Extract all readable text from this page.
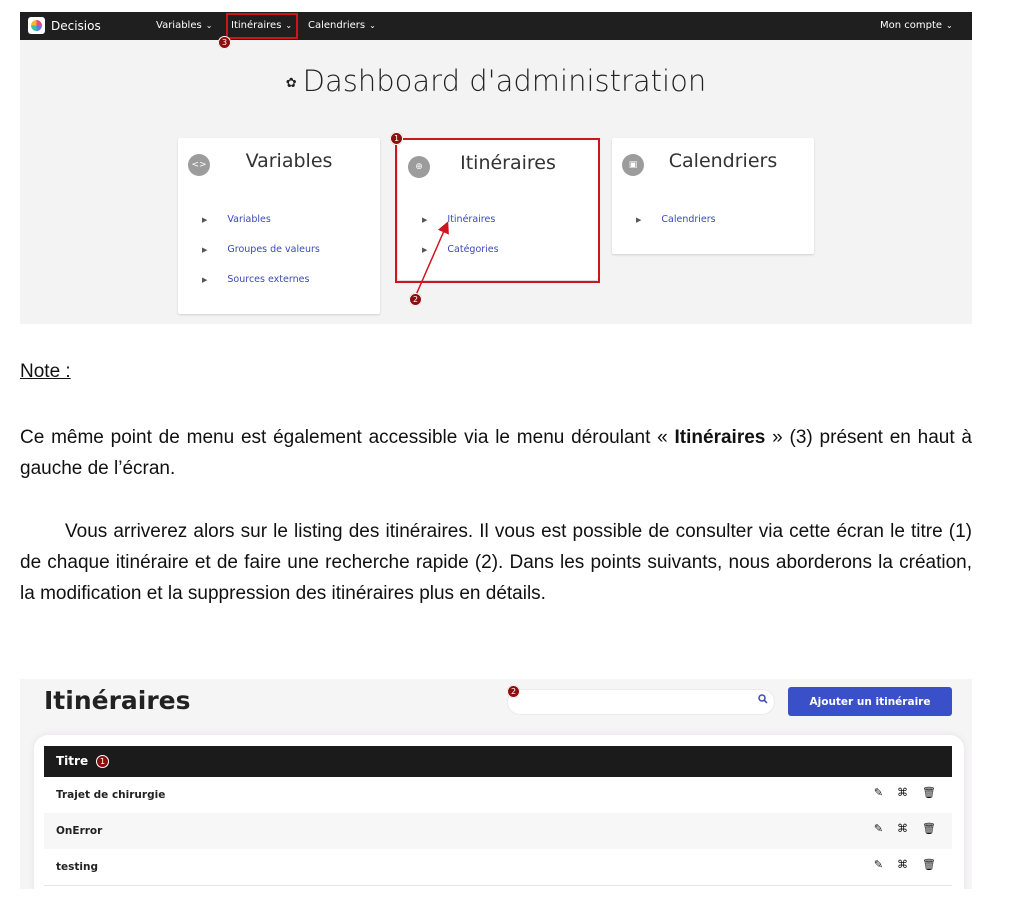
Decisios	Variables ⌄ Itinéraires ⌄ Calendriers ⌄	Mon compte ⌄
3
✿ Dashboard d'administration
<>	Variables
▶ Variables
▶ Groupes de valeurs
▶ Sources externes
⊕	Itinéraires
▶ Itinéraires
▶ Catégories
1
▣	Calendriers
▶ Calendriers
2
Note :
Ce même point de menu est également accessible via le menu déroulant « Itinéraires » (3) présent en haut à gauche de l’écran.
Vous arriverez alors sur le listing des itinéraires. Il vous est possible de consulter via cette écran le titre (1) de chaque itinéraire et de faire une recherche rapide (2). Dans les points suivants, nous aborderons la création, la modification et la suppression des itinéraires plus en détails.
Itinéraires	2
Ajouter un itinéraire
Titre	1
Trajet de chirurgie	✎ ⌘ 🗑
OnError	✎ ⌘ 🗑
testing	✎ ⌘ 🗑
